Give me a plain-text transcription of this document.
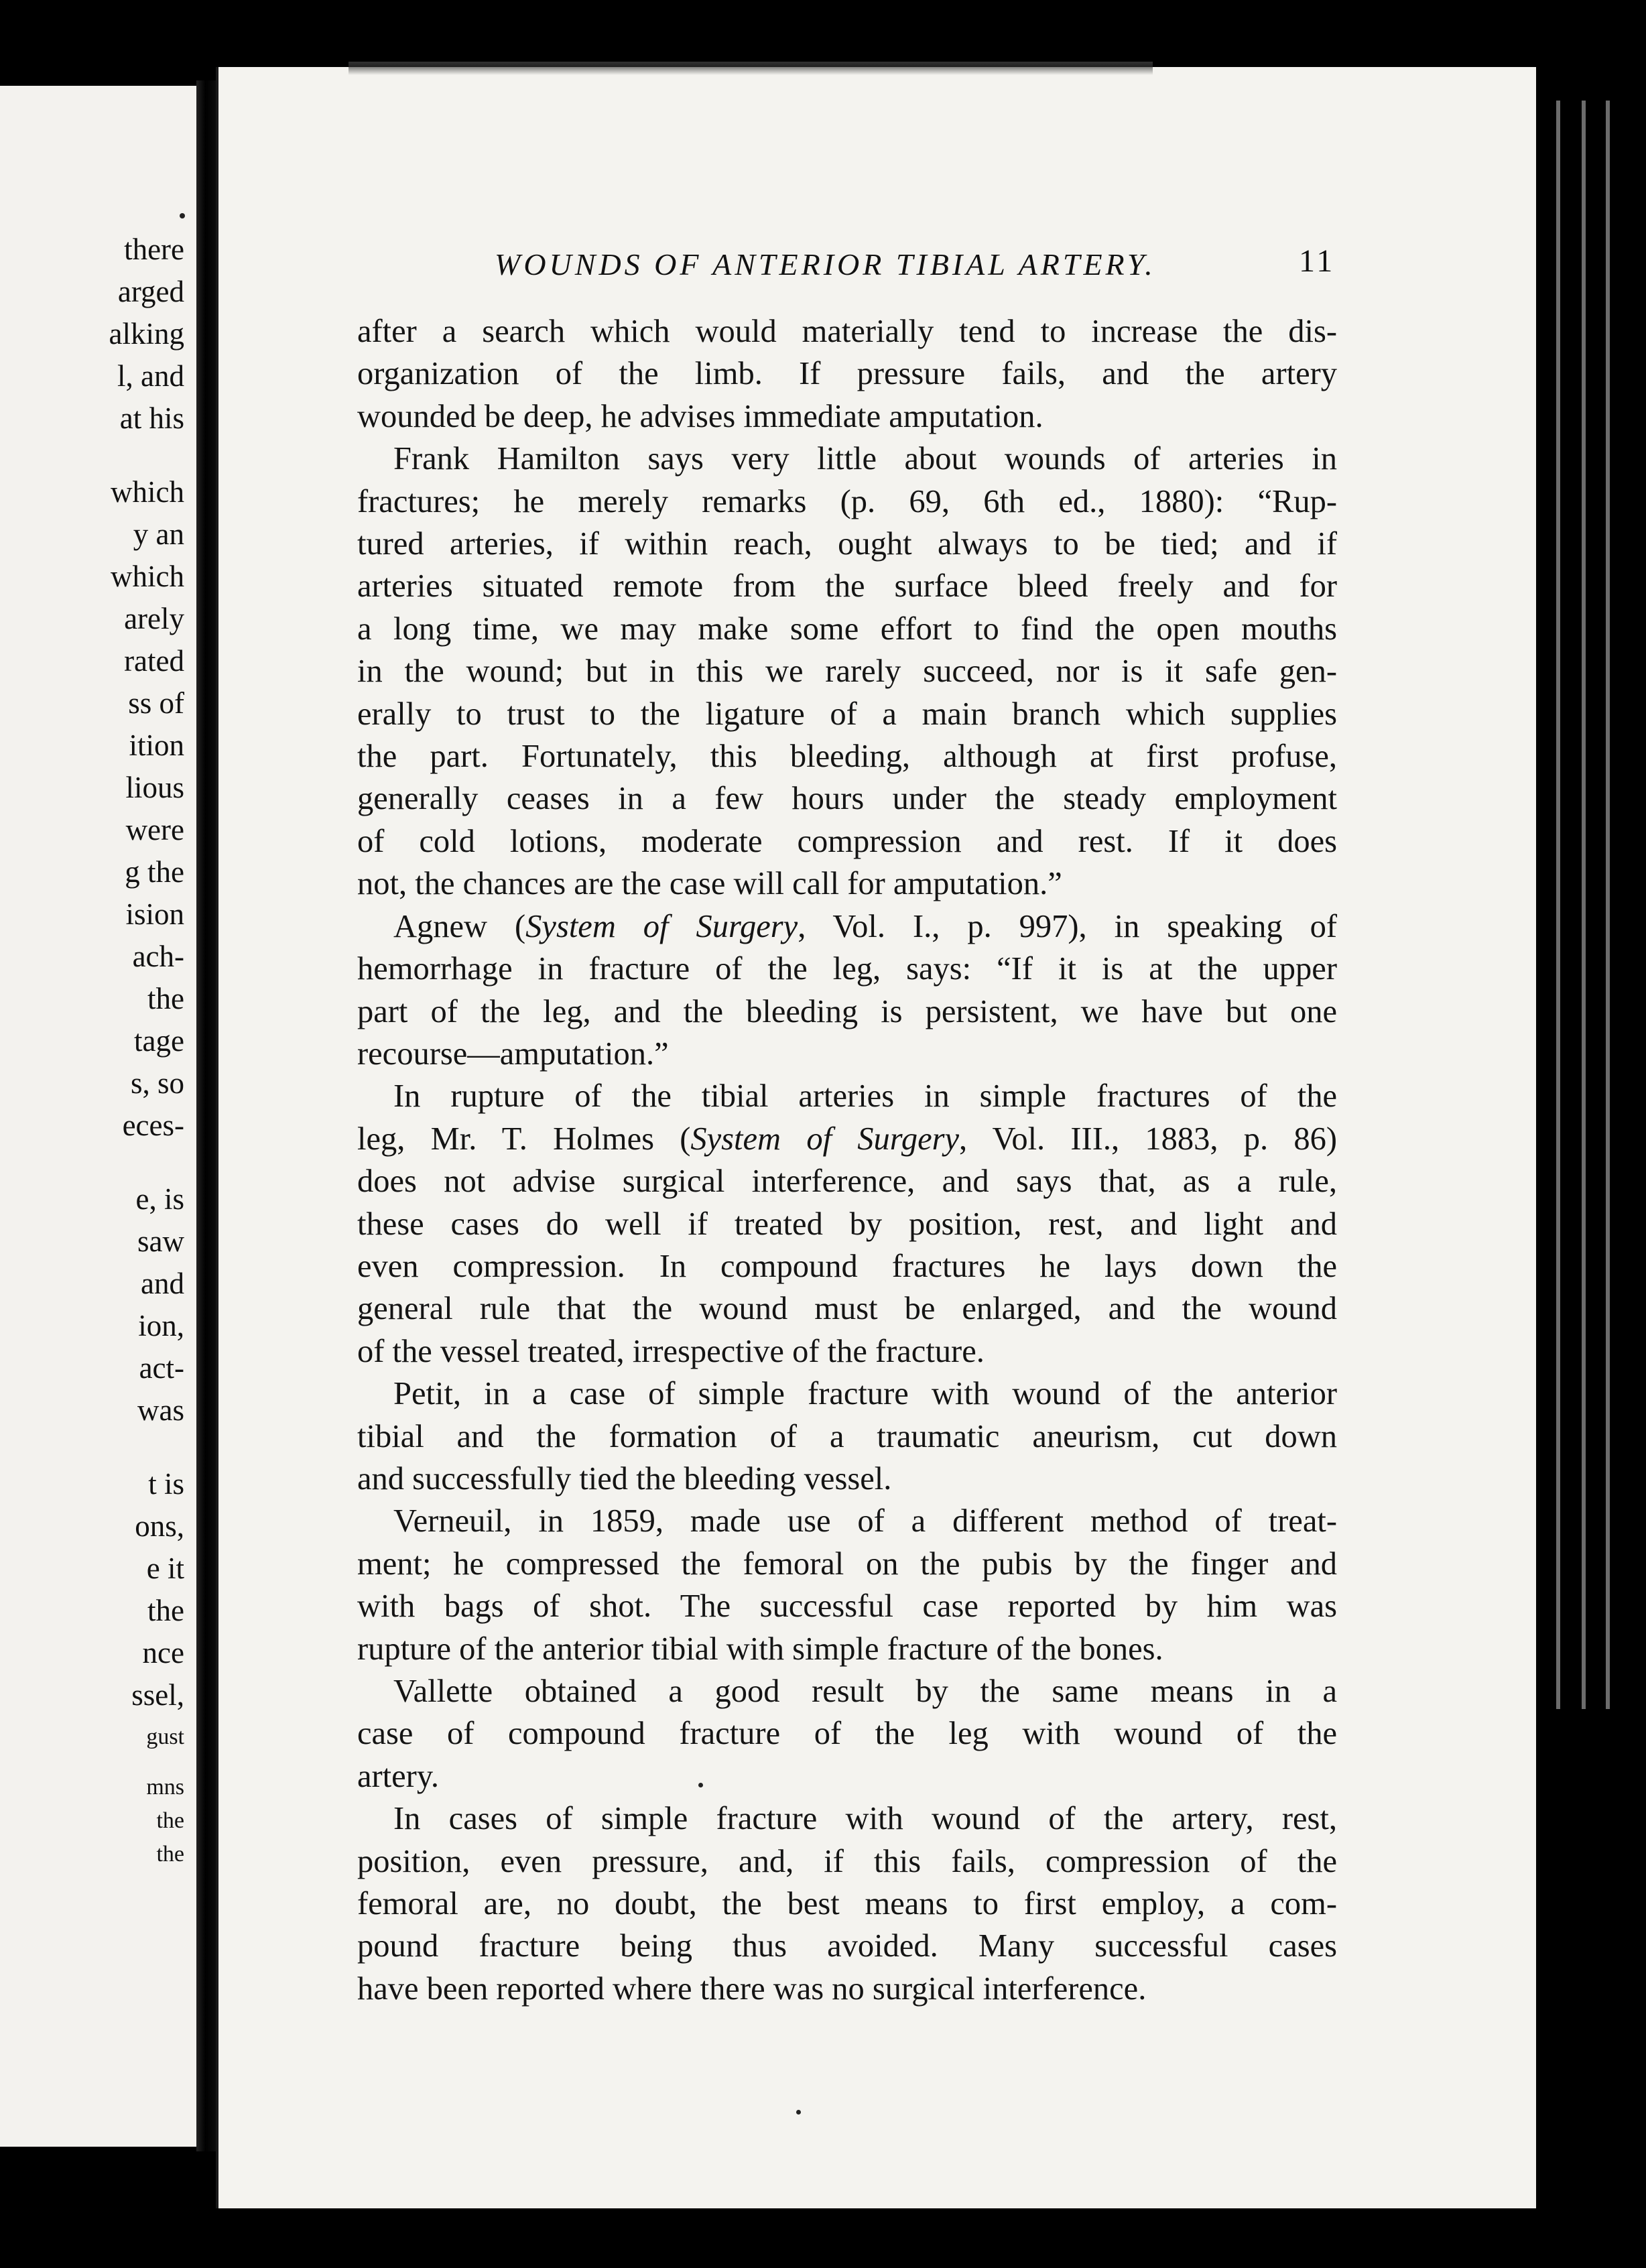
there
arged
alking
l, and
at his
which
y an
which
arely
rated
ss of
ition
lious
were
g the
ision
ach-
the
tage
s, so
eces-
e, is
saw
and
ion,
act-
was
t is
ons,
e it
the
nce
ssel,
gust
mns
the
the
WOUNDS OF ANTERIOR TIBIAL ARTERY.	11

after a search which would materially tend to increase the dis-
organization of the limb. If pressure fails, and the artery
wounded be deep, he advises immediate amputation.

Frank Hamilton says very little about wounds of arteries in
fractures; he merely remarks (p. 69, 6th ed., 1880): “Rup-
tured arteries, if within reach, ought always to be tied; and if
arteries situated remote from the surface bleed freely and for
a long time, we may make some effort to find the open mouths
in the wound; but in this we rarely succeed, nor is it safe gen-
erally to trust to the ligature of a main branch which supplies
the part. Fortunately, this bleeding, although at first profuse,
generally ceases in a few hours under the steady employment
of cold lotions, moderate compression and rest. If it does
not, the chances are the case will call for amputation.”

Agnew (System of Surgery, Vol. I., p. 997), in speaking of
hemorrhage in fracture of the leg, says: “If it is at the upper
part of the leg, and the bleeding is persistent, we have but one
recourse—amputation.”

In rupture of the tibial arteries in simple fractures of the
leg, Mr. T. Holmes (System of Surgery, Vol. III., 1883, p. 86)
does not advise surgical interference, and says that, as a rule,
these cases do well if treated by position, rest, and light and
even compression. In compound fractures he lays down the
general rule that the wound must be enlarged, and the wound
of the vessel treated, irrespective of the fracture.

Petit, in a case of simple fracture with wound of the anterior
tibial and the formation of a traumatic aneurism, cut down
and successfully tied the bleeding vessel.

Verneuil, in 1859, made use of a different method of treat-
ment; he compressed the femoral on the pubis by the finger and
with bags of shot. The successful case reported by him was
rupture of the anterior tibial with simple fracture of the bones.

Vallette obtained a good result by the same means in a
case of compound fracture of the leg with wound of the
artery.

In cases of simple fracture with wound of the artery, rest,
position, even pressure, and, if this fails, compression of the
femoral are, no doubt, the best means to first employ, a com-
pound fracture being thus avoided. Many successful cases
have been reported where there was no surgical interference.
